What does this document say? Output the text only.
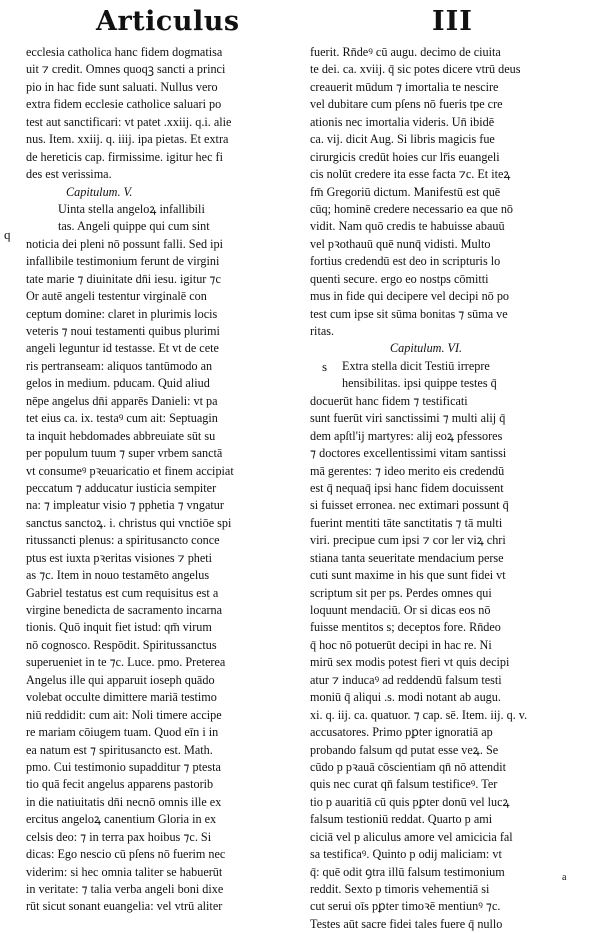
Articulus	III
ecclesia catholica hanc fidem dogmatisa
uit ⁊ credit. Omnes quoqꝫ sancti a princi
pio in hac fide sunt saluati. Nullus vero
extra fidem ecclesie catholice saluari po
test aut sanctificari: vt patet .xxiij. q.i. alie
nus. Item. xxiij. q. iiij. ipa pietas. Et extra
de hereticis cap. firmissime. igitur hec fi
des est verissima.
Capitulum. V.
Uinta stella angeloꝝ infallibili
tas. Angeli quippe qui cum sint
noticia dei pleni nō possunt falli. Sed ipi
infallibile testimonium ferunt de virgini
tate marie ⁊ diuinitate dn̄i iesu. igitur ⁊c
Or autē angeli testentur virginalē con
ceptum domine: claret in plurimis locis
veteris ⁊ noui testamenti quibus plurimi
angeli leguntur id testasse. Et vt de cete
ris pertranseam: aliquos tantūmodo an
gelos in medium. pducam. Quid aliud
nēpe angelus dn̄i apparēs Danieli: vt pa
tet eius ca. ix. testaꝰ cum ait: Septuagin
ta inquit hebdomades abbreuiate sūt su
per populum tuum ⁊ super vrbem sanctā
vt consumeꝰ pꝛeuaricatio et finem accipiat
peccatum ⁊ adducatur iusticia sempiter
na: ⁊ impleatur visio ⁊ pphetia ⁊ vngatur
sanctus sanctoꝝ. i. christus qui vnctiōe spi
ritussancti plenus: a spiritusancto conce
ptus est iuxta pꝛeritas visiones ⁊ pheti
as ⁊c. Item in nouo testamēto angelus
Gabriel testatus est cum requisitus est a
virgine benedicta de sacramento incarna
tionis. Quō inquit fiet istud: qm̄ virum
nō cognosco. Respōdit. Spiritussanctus
superueniet in te ⁊c. Luce. pmo. Preterea
Angelus ille qui apparuit ioseph quādo
volebat occulte dimittere mariā testimo
niū reddidit: cum ait: Noli timere accipe
re mariam cōiugem tuam. Quod eīn i in
ea natum est ⁊ spiritusancto est. Math.
pmo. Cui testimonio supadditur ⁊ ptesta
tio quā fecit angelus apparens pastorib
in die natiuitatis dn̄i necnō omnis ille ex
ercitus angeloꝝ canentium Gloria in ex
celsis deo: ⁊ in terra pax hoibus ⁊c. Si
dicas: Ego nescio cū pſens nō fuerim nec
viderim: si hec omnia taliter se habuerūt
in veritate: ⁊ talia verba angeli boni dixe
rūt sicut sonant euangelia: vel vtrū aliter
fuerit. Rn̄deꝰ cū augu. decimo de ciuita
te dei. ca. xviij. q̄ sic potes dicere vtrū deus
creauerit mūdum ⁊ imortalia te nescire
vel dubitare cum pſens nō fueris tpe cre
ationis nec imortalia videris. Un̄ ibidē
ca. vij. dicit Aug. Si libris magicis fue
cirurgicis credūt hoies cur lr̄is euangeli
cis nolūt credere ita esse facta ⁊c. Et iteꝝ
fm̄ Gregoriū dictum. Manifestū est quē
cūq; hominē credere necessario ea que nō
vidit. Nam quō credis te habuisse abauū
vel pꝛothauū quē nunq̄ vidisti. Multo
fortius credendū est deo in scripturis lo
quenti secure. ergo eo nostps cōmitti
mus in fide qui decipere vel decipi nō po
test cum ipse sit sūma bonitas ⁊ sūma ve
ritas.
Capitulum. VI.
Extra stella dicit Testiū irrepre
hensibilitas. ipsi quippe testes q̄
docuerūt hanc fidem ⁊ testificati
sunt fuerūt viri sanctissimi ⁊ multi alij q̄
dem apſtl'ij martyres: alij eoꝝ pfessores
⁊ doctores excellentissimi vitam santissi
mā gerentes: ⁊ ideo merito eis credendū
est q̄ nequaq̄ ipsi hanc fidem docuissent
si fuisset erronea. nec extimari possunt q̄
fuerint mentiti tāte sanctitatis ⁊ tā multi
viri. precipue cum ipsi ⁊ cor ler viꝝ chri
stiana tanta seueritate mendacium perse
cuti sunt maxime in his que sunt fidei vt
scriptum sit per ps. Perdes omnes qui
loquunt mendaciū. Or si dicas eos nō
fuisse mentitos s; deceptos fore. Rn̄deo
q̄ hoc nō potuerūt decipi in hac re. Ni
mirū sex modis potest fieri vt quis decipi
atur ⁊ inducaꝰ ad reddendū falsum testi
moniū q̄ aliqui .s. modi notant ab augu.
xi. q. iij. ca. quatuor. ⁊ cap. sē. Item. iij. q. v.
accusatores. Primo pꝑter ignoratiā ap
probando falsum qd putat esse veꝝ. Se
cūdo p pꝛauā cōscientiam qn̄ nō attendit
quis nec curat qn̄ falsum testificeꝰ. Ter
tio p auaritiā cū quis pꝑter donū vel lucꝝ
falsum testioniū reddat. Quarto p ami
ciciā vel p aliculus amore vel amicicia fal
sa testificaꝰ. Quinto p odij maliciam: vt
q̄: quē odit ꝯtra illū falsum testimonium
reddit. Sexto p timoris vehementiā si
cut serui oīs pꝑter timoꝛē mentiunꝰ ⁊c.
Testes aūt sacre fidei tales fuere q̄ nullo
a
q
s
